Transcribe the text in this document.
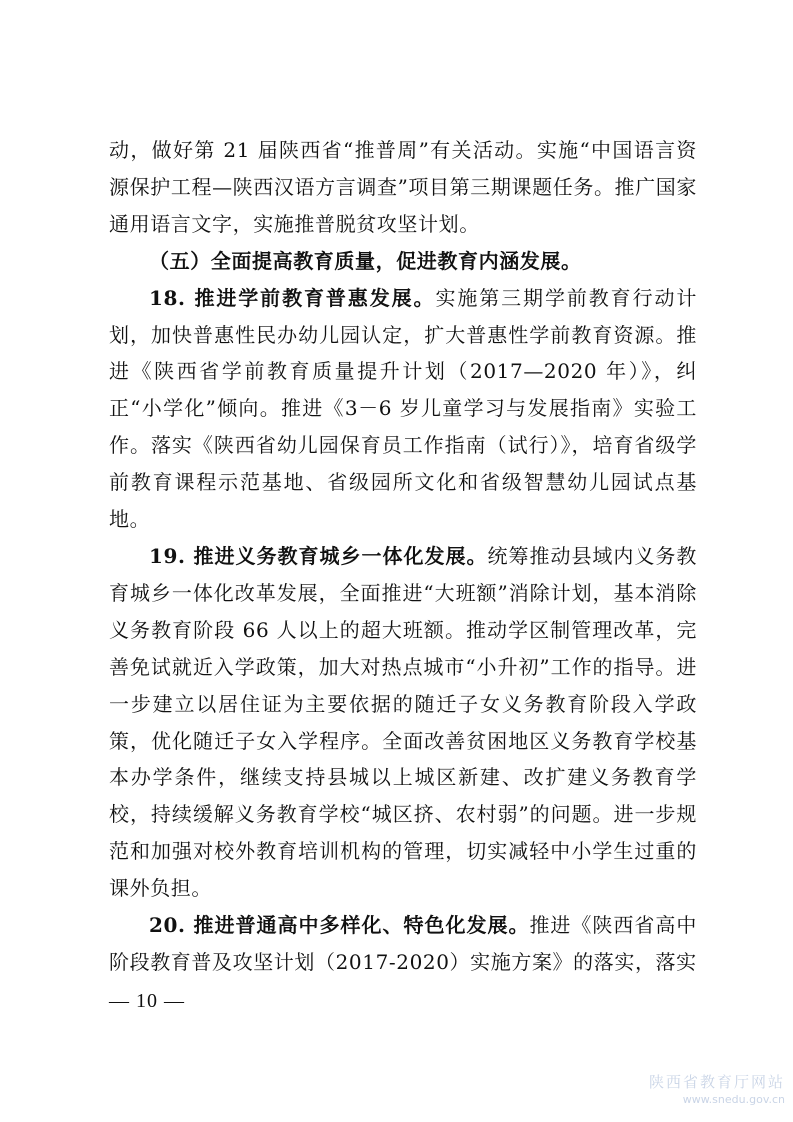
动，做好第 21 届陕西省“推普周”有关活动。实施“中国语言资源保护工程—陕西汉语方言调查”项目第三期课题任务。推广国家通用语言文字，实施推普脱贫攻坚计划。

（五）全面提高教育质量，促进教育内涵发展。

18. 推进学前教育普惠发展。实施第三期学前教育行动计划，加快普惠性民办幼儿园认定，扩大普惠性学前教育资源。推进《陕西省学前教育质量提升计划（2017—2020 年）》，纠正“小学化”倾向。推进《3－6 岁儿童学习与发展指南》实验工作。落实《陕西省幼儿园保育员工作指南（试行）》，培育省级学前教育课程示范基地、省级园所文化和省级智慧幼儿园试点基地。

19. 推进义务教育城乡一体化发展。统筹推动县域内义务教育城乡一体化改革发展，全面推进“大班额”消除计划，基本消除义务教育阶段 66 人以上的超大班额。推动学区制管理改革，完善免试就近入学政策，加大对热点城市“小升初”工作的指导。进一步建立以居住证为主要依据的随迁子女义务教育阶段入学政策，优化随迁子女入学程序。全面改善贫困地区义务教育学校基本办学条件，继续支持县城以上城区新建、改扩建义务教育学校，持续缓解义务教育学校“城区挤、农村弱”的问题。进一步规范和加强对校外教育培训机构的管理，切实减轻中小学生过重的课外负担。

20. 推进普通高中多样化、特色化发展。推进《陕西省高中阶段教育普及攻坚计划（2017-2020）实施方案》的落实，落实

— 10 —
陕西省教育厅网站
www.snedu.gov.cn
